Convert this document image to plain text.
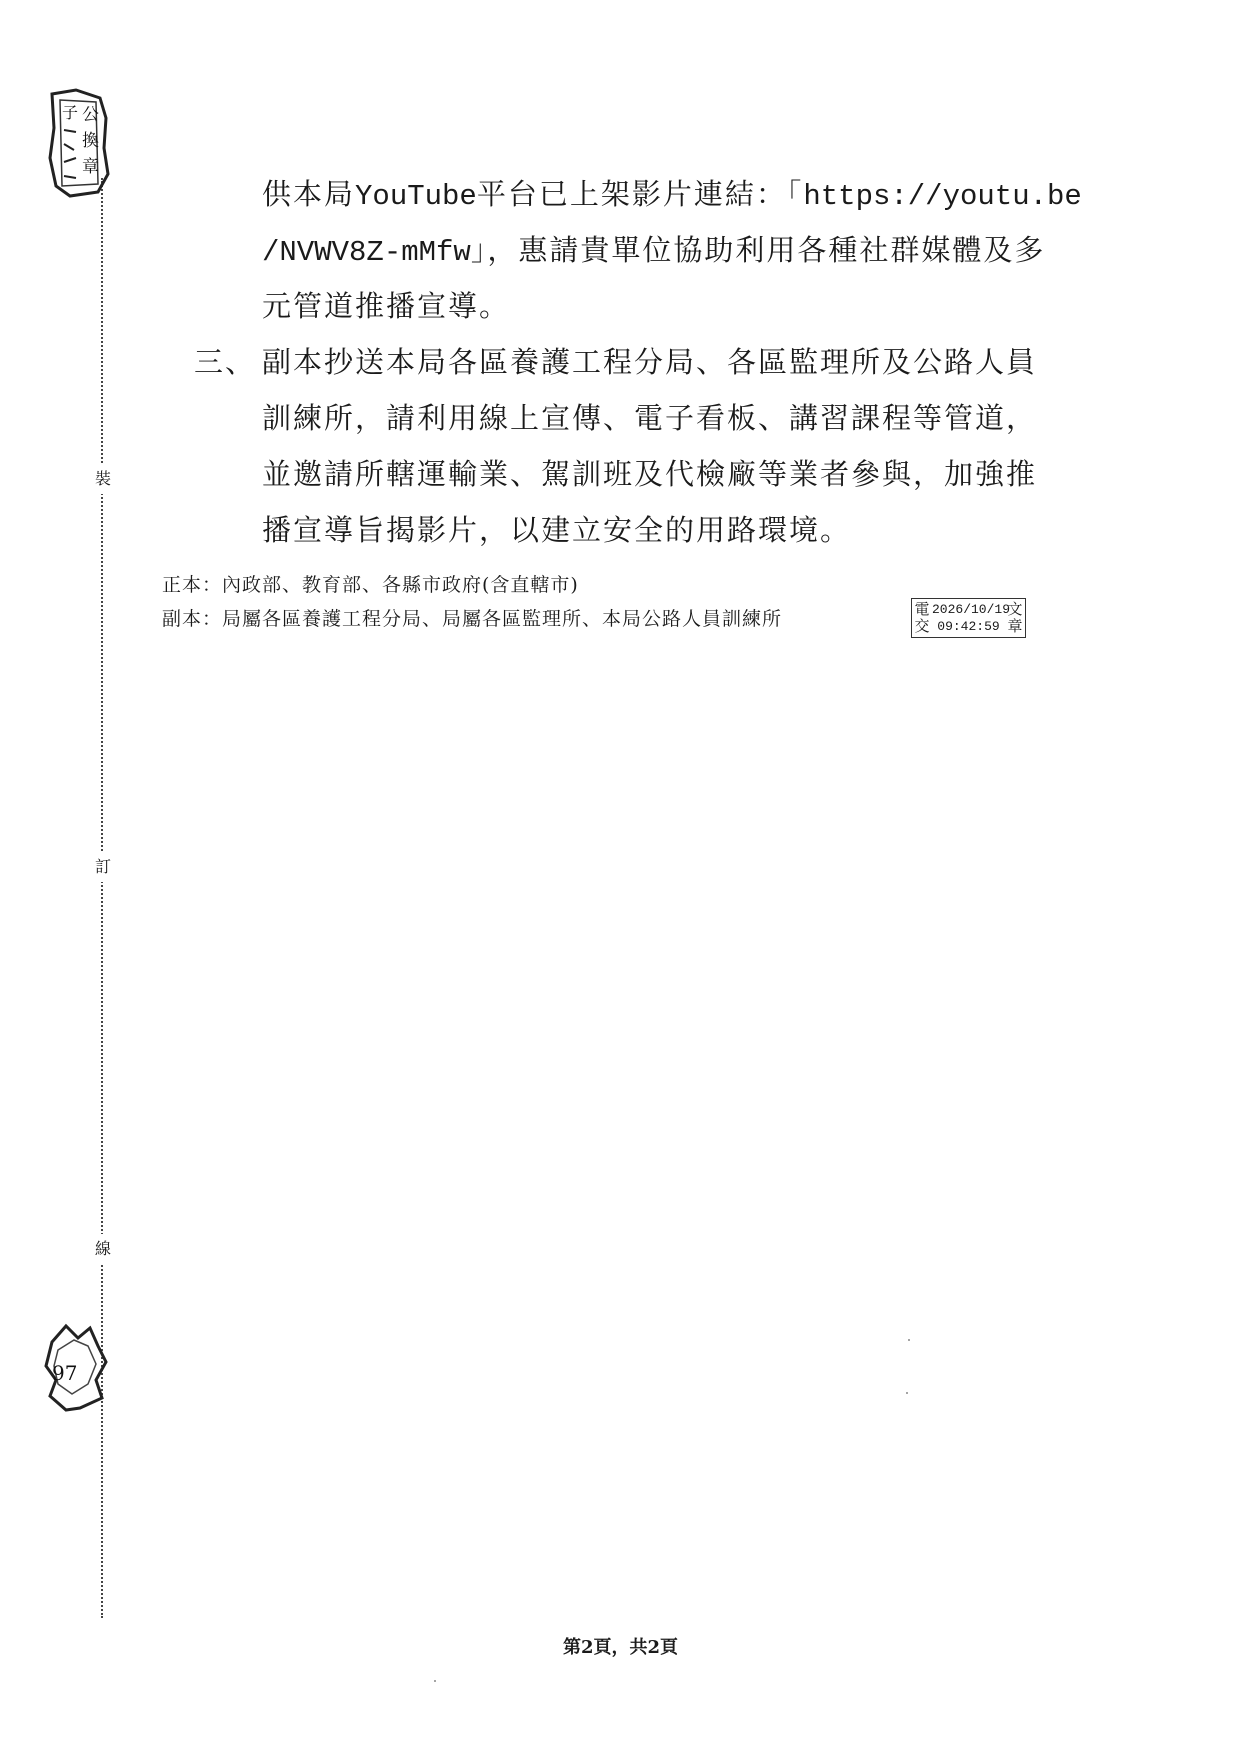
裝
訂
線
公
換
章
子
97
供本局YouTube平台已上架影片連結：「https://youtu.be
/NVWV8Z-mMfw」，惠請貴單位協助利用各種社群媒體及多
元管道推播宣導。
三、 副本抄送本局各區養護工程分局、各區監理所及公路人員
訓練所，請利用線上宣傳、電子看板、講習課程等管道，
並邀請所轄運輸業、駕訓班及代檢廠等業者參與，加強推
播宣導旨揭影片，以建立安全的用路環境。
正本：內政部、教育部、各縣市政府(含直轄市)
副本：局屬各區養護工程分局、局屬各區監理所、本局公路人員訓練所	電
交
2026/10/19
09:42:59
文
章
第2頁，共2頁
